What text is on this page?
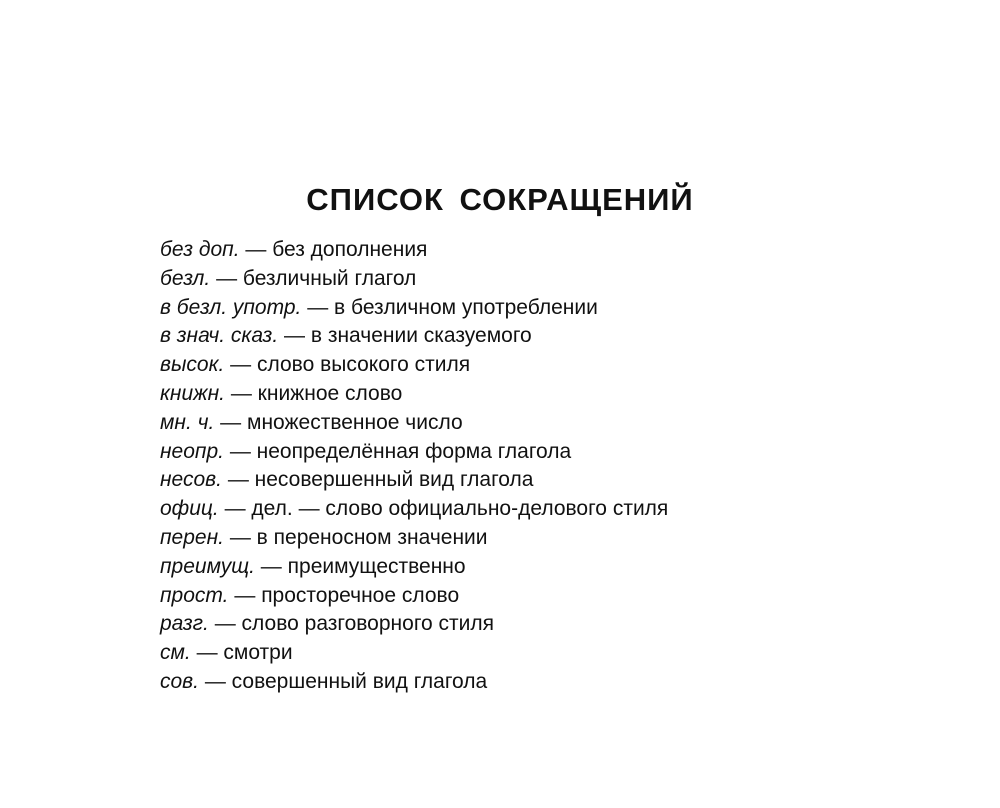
СПИСОК СОКРАЩЕНИЙ
без доп. — без дополнения
безл. — безличный глагол
в безл. употр. — в безличном употреблении
в знач. сказ. — в значении сказуемого
высок. — слово высокого стиля
книжн. — книжное слово
мн. ч. — множественное число
неопр. — неопределённая форма глагола
несов. — несовершенный вид глагола
офиц. — дел. — слово официально-делового стиля
перен. — в переносном значении
преимущ. — преимущественно
прост. — просторечное слово
разг. — слово разговорного стиля
см. — смотри
сов. — совершенный вид глагола
